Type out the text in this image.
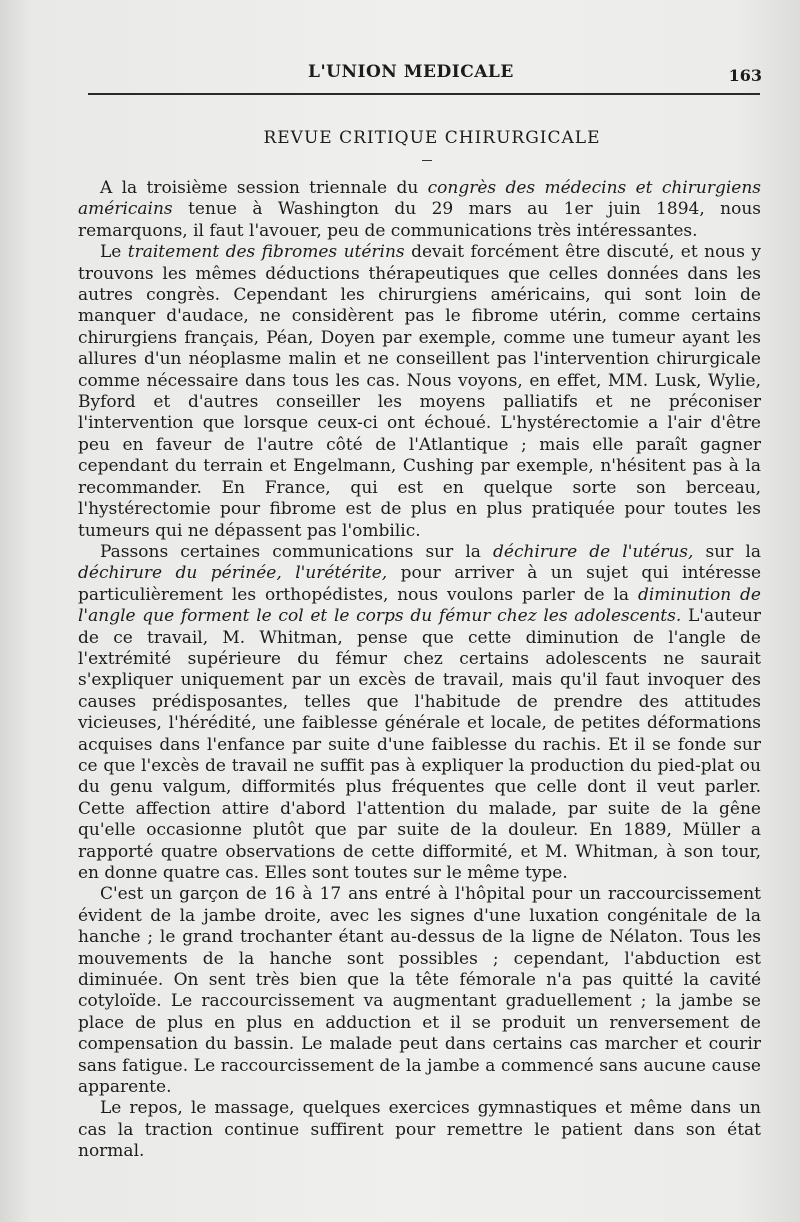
L'UNION MEDICALE	163
REVUE CRITIQUE CHIRURGICALE

A la troisième session triennale du congrès des médecins et chirurgiens américains tenue à Washington du 29 mars au 1er juin 1894, nous remarquons, il faut l'avouer, peu de communications très intéressantes.

Le traitement des fibromes utérins devait forcément être discuté, et nous y trouvons les mêmes déductions thérapeutiques que celles données dans les autres congrès. Cependant les chirurgiens américains, qui sont loin de manquer d'audace, ne considèrent pas le fibrome utérin, comme certains chirurgiens français, Péan, Doyen par exemple, comme une tumeur ayant les allures d'un néoplasme malin et ne conseillent pas l'intervention chirurgicale comme nécessaire dans tous les cas. Nous voyons, en effet, MM. Lusk, Wylie, Byford et d'autres conseiller les moyens palliatifs et ne préconiser l'intervention que lorsque ceux-ci ont échoué. L'hystérectomie a l'air d'être peu en faveur de l'autre côté de l'Atlantique ; mais elle paraît gagner cependant du terrain et Engelmann, Cushing par exemple, n'hésitent pas à la recommander. En France, qui est en quelque sorte son berceau, l'hystérectomie pour fibrome est de plus en plus pratiquée pour toutes les tumeurs qui ne dépassent pas l'ombilic.

Passons certaines communications sur la déchirure de l'utérus, sur la déchirure du périnée, l'urétérite, pour arriver à un sujet qui intéresse particulièrement les orthopédistes, nous voulons parler de la diminution de l'angle que forment le col et le corps du fémur chez les adolescents. L'auteur de ce travail, M. Whitman, pense que cette diminution de l'angle de l'extrémité supérieure du fémur chez certains adolescents ne saurait s'expliquer uniquement par un excès de travail, mais qu'il faut invoquer des causes prédisposantes, telles que l'habitude de prendre des attitudes vicieuses, l'hérédité, une faiblesse générale et locale, de petites déformations acquises dans l'enfance par suite d'une faiblesse du rachis. Et il se fonde sur ce que l'excès de travail ne suffit pas à expliquer la production du pied-plat ou du genu valgum, difformités plus fréquentes que celle dont il veut parler. Cette affection attire d'abord l'attention du malade, par suite de la gêne qu'elle occasionne plutôt que par suite de la douleur. En 1889, Müller a rapporté quatre observations de cette difformité, et M. Whitman, à son tour, en donne quatre cas. Elles sont toutes sur le même type.

C'est un garçon de 16 à 17 ans entré à l'hôpital pour un raccourcissement évident de la jambe droite, avec les signes d'une luxation congénitale de la hanche ; le grand trochanter étant au-dessus de la ligne de Nélaton. Tous les mouvements de la hanche sont possibles ; cependant, l'abduction est diminuée. On sent très bien que la tête fémorale n'a pas quitté la cavité cotyloïde. Le raccourcissement va augmentant graduellement ; la jambe se place de plus en plus en adduction et il se produit un renversement de compensation du bassin. Le malade peut dans certains cas marcher et courir sans fatigue. Le raccourcissement de la jambe a commencé sans aucune cause apparente.

Le repos, le massage, quelques exercices gymnastiques et même dans un cas la traction continue suffirent pour remettre le patient dans son état normal.
